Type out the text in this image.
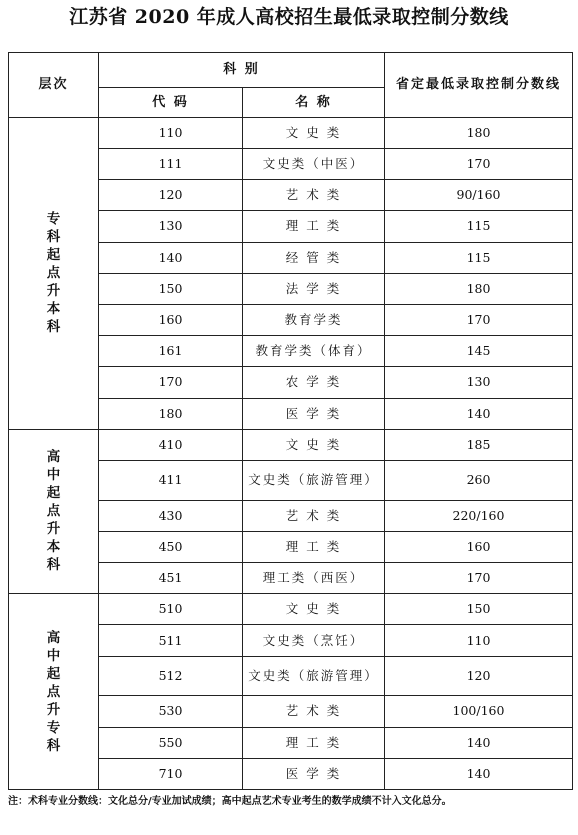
江苏省 2020 年成人高校招生最低录取控制分数线
层次	科 别		省定最低录取控制分数线
	代 码	名 称	

专科起点升本科	110	文 史 类	180
	111	文史类（中医）	170
	120	艺 术 类	90/160
	130	理 工 类	115
	140	经 管 类	115
	150	法 学 类	180
	160	教育学类	170
	161	教育学类（体育）	145
	170	农 学 类	130
	180	医 学 类	140

高中起点升本科	410	文 史 类	185
	411	文史类（旅游管理）	260
	430	艺 术 类	220/160
	450	理 工 类	160
	451	理工类（西医）	170

高中起点升专科	510	文 史 类	150
	511	文史类（烹饪）	110
	512	文史类（旅游管理）	120
	530	艺 术 类	100/160
	550	理 工 类	140
	710	医 学 类	140
注：术科专业分数线：文化总分/专业加试成绩；高中起点艺术专业考生的数学成绩不计入文化总分。
